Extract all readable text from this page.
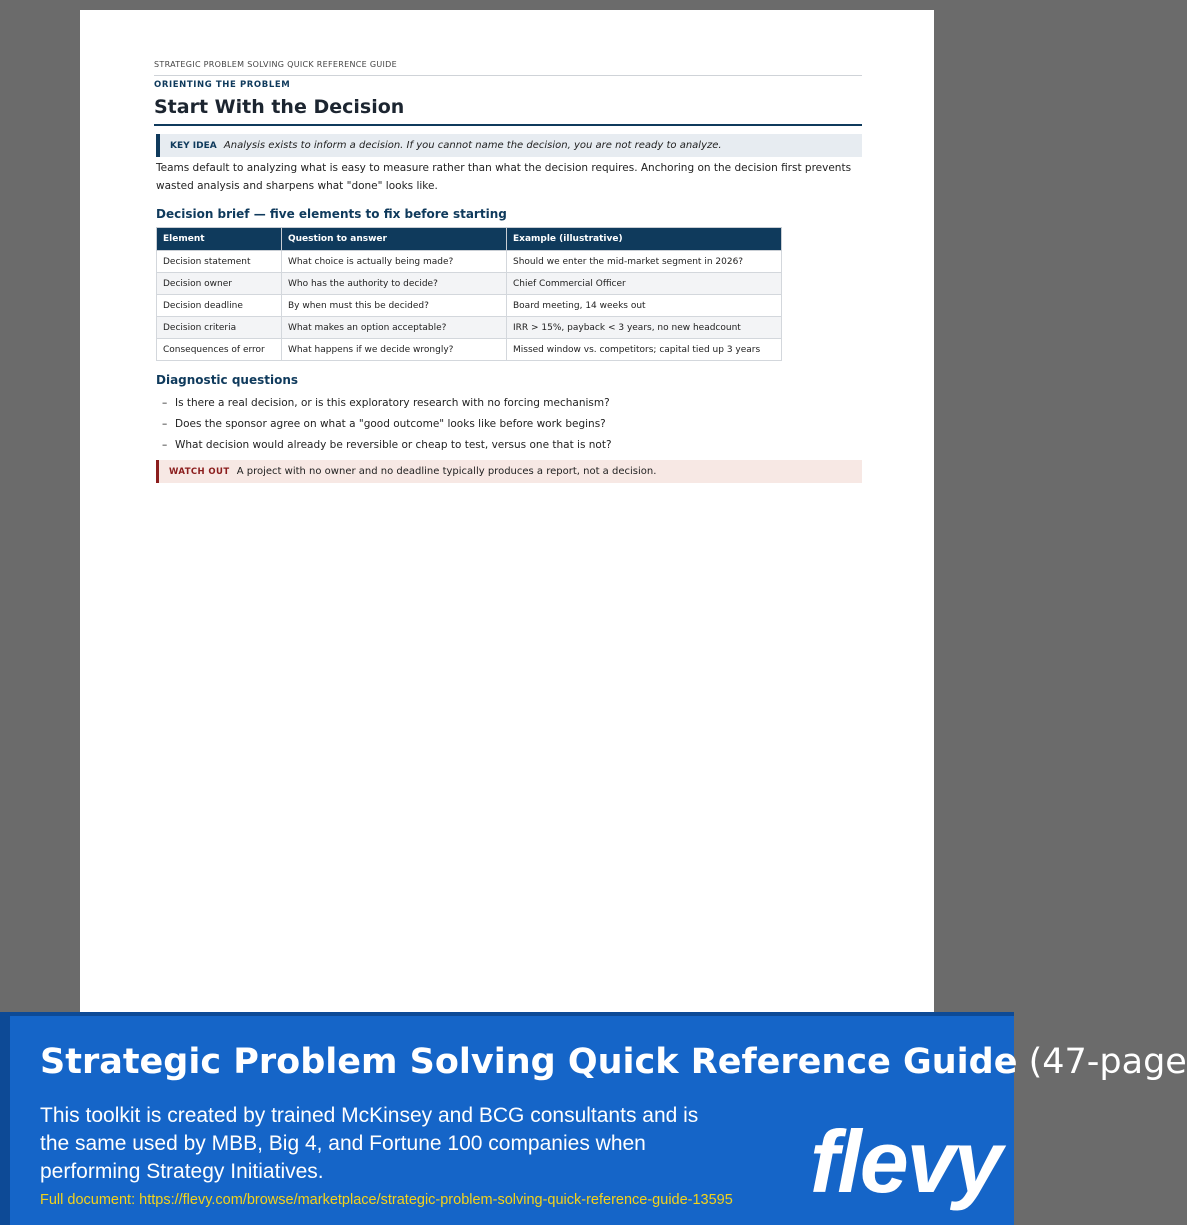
STRATEGIC PROBLEM SOLVING QUICK REFERENCE GUIDE
ORIENTING THE PROBLEM
Start With the Decision
KEY IDEA Analysis exists to inform a decision. If you cannot name the decision, you are not ready to analyze.

Teams default to analyzing what is easy to measure rather than what the decision requires. Anchoring on the decision first prevents wasted analysis and sharpens what "done" looks like.

Decision brief — five elements to fix before starting
Element	Question to answer	Example (illustrative)
Decision statement	What choice is actually being made?	Should we enter the mid-market segment in 2026?
Decision owner	Who has the authority to decide?	Chief Commercial Officer
Decision deadline	By when must this be decided?	Board meeting, 14 weeks out
Decision criteria	What makes an option acceptable?	IRR > 15%, payback < 3 years, no new headcount
Consequences of error	What happens if we decide wrongly?	Missed window vs. competitors; capital tied up 3 years
Diagnostic questions
– Is there a real decision, or is this exploratory research with no forcing mechanism?
– Does the sponsor agree on what a "good outcome" looks like before work begins?
– What decision would already be reversible or cheap to test, versus one that is not?
WATCH OUT A project with no owner and no deadline typically produces a report, not a decision.
Strategic Problem Solving Quick Reference Guide (47-page
This toolkit is created by trained McKinsey and BCG consultants and is the same used by MBB, Big 4, and Fortune 100 companies when performing Strategy Initiatives.
Full document: https://flevy.com/browse/marketplace/strategic-problem-solving-quick-reference-guide-13595 flevy
